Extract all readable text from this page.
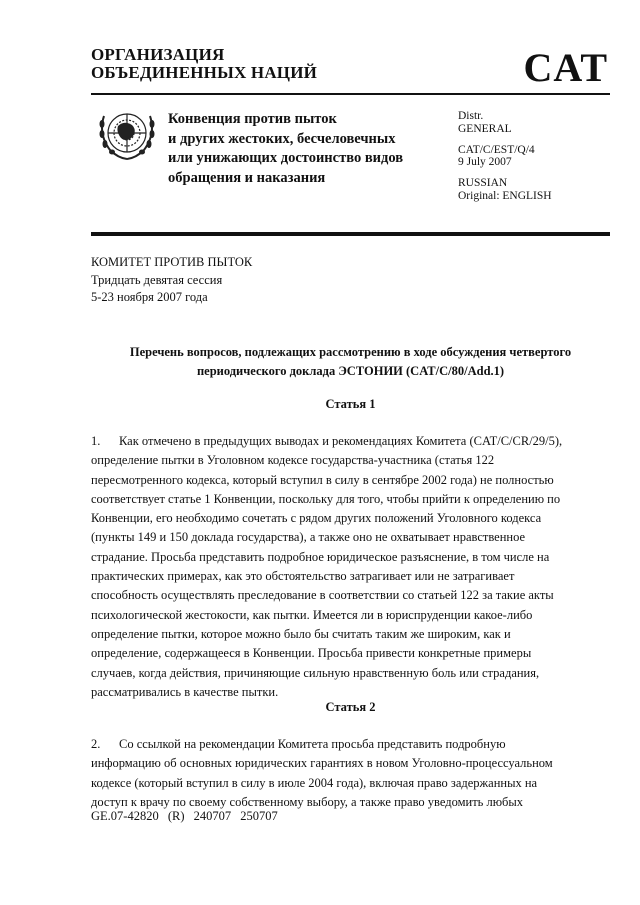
ОРГАНИЗАЦИЯ
ОБЪЕДИНЕННЫХ НАЦИЙ	CAT
Конвенция против пыток
и других жестоких, бесчеловечных
или унижающих достоинство видов
обращения и наказания
Distr.
GENERAL
CAT/C/EST/Q/4
9 July 2007
RUSSIAN
Original: ENGLISH
КОМИТЕТ ПРОТИВ ПЫТОК
Тридцать девятая сессия
5-23 ноября 2007 года
Перечень вопросов, подлежащих рассмотрению в ходе обсуждения четвертого
периодического доклада ЭСТОНИИ (CAT/C/80/Add.1)
Статья 1
1. Как отмечено в предыдущих выводах и рекомендациях Комитета (CAT/C/CR/29/5),
определение пытки в Уголовном кодексе государства-участника (статья 122
пересмотренного кодекса, который вступил в силу в сентябре 2002 года) не полностью
соответствует статье 1 Конвенции, поскольку для того, чтобы прийти к определению по
Конвенции, его необходимо сочетать с рядом других положений Уголовного кодекса
(пункты 149 и 150 доклада государства), а также оно не охватывает нравственное
страдание. Просьба представить подробное юридическое разъяснение, в том числе на
практических примерах, как это обстоятельство затрагивает или не затрагивает
способность осуществлять преследование в соответствии со статьей 122 за такие акты
психологической жестокости, как пытки. Имеется ли в юриспруденции какое-либо
определение пытки, которое можно было бы считать таким же широким, как и
определение, содержащееся в Конвенции. Просьба привести конкретные примеры
случаев, когда действия, причиняющие сильную нравственную боль или страдания,
рассматривались в качестве пытки.
Статья 2
2. Со ссылкой на рекомендации Комитета просьба представить подробную
информацию об основных юридических гарантиях в новом Уголовно-процессуальном
кодексе (который вступил в силу в июле 2004 года), включая право задержанных на
доступ к врачу по своему собственному выбору, а также право уведомить любых
GE.07-42820 (R) 240707 250707
